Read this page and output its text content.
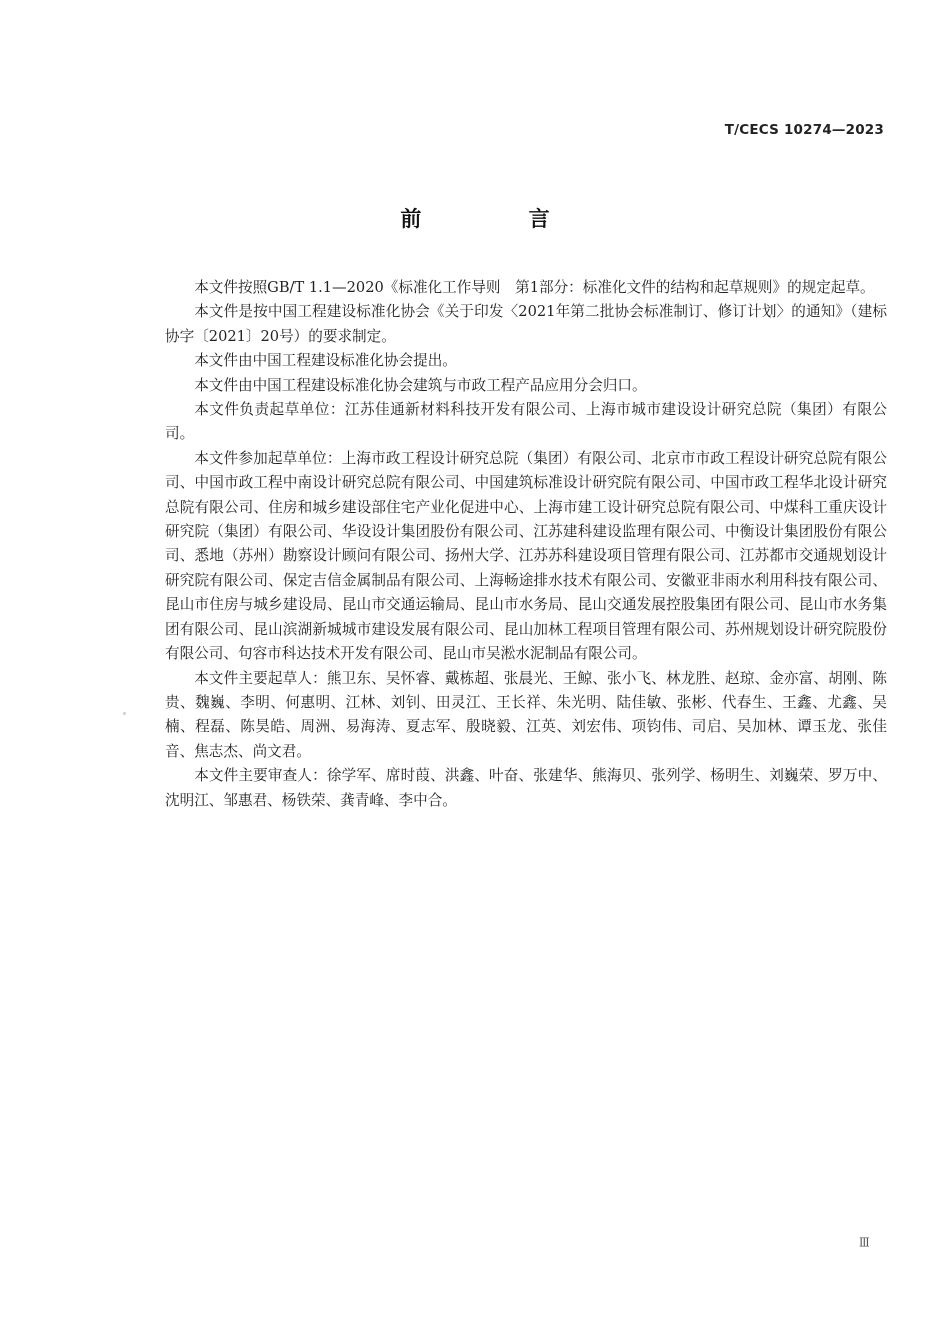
T/CECS 10274—2023
前 言

本文件按照GB/T 1.1—2020《标准化工作导则　第1部分：标准化文件的结构和起草规则》的规定起草。

本文件是按中国工程建设标准化协会《关于印发〈2021年第二批协会标准制订、修订计划〉的通知》（建标协字〔2021〕20号）的要求制定。

本文件由中国工程建设标准化协会提出。

本文件由中国工程建设标准化协会建筑与市政工程产品应用分会归口。

本文件负责起草单位：江苏佳通新材料科技开发有限公司、上海市城市建设设计研究总院（集团）有限公司。

本文件参加起草单位：上海市政工程设计研究总院（集团）有限公司、北京市市政工程设计研究总院有限公司、中国市政工程中南设计研究总院有限公司、中国建筑标准设计研究院有限公司、中国市政工程华北设计研究总院有限公司、住房和城乡建设部住宅产业化促进中心、上海市建工设计研究总院有限公司、中煤科工重庆设计研究院（集团）有限公司、华设设计集团股份有限公司、江苏建科建设监理有限公司、中衡设计集团股份有限公司、悉地（苏州）勘察设计顾问有限公司、扬州大学、江苏苏科建设项目管理有限公司、江苏都市交通规划设计研究院有限公司、保定吉信金属制品有限公司、上海畅途排水技术有限公司、安徽亚非雨水利用科技有限公司、昆山市住房与城乡建设局、昆山市交通运输局、昆山市水务局、昆山交通发展控股集团有限公司、昆山市水务集团有限公司、昆山滨湖新城城市建设发展有限公司、昆山加林工程项目管理有限公司、苏州规划设计研究院股份有限公司、句容市科达技术开发有限公司、昆山市吴淞水泥制品有限公司。

本文件主要起草人：熊卫东、吴怀睿、戴栋超、张晨光、王鲸、张小飞、林龙胜、赵琼、金亦富、胡刚、陈贵、魏巍、李明、何惠明、江林、刘钊、田灵江、王长祥、朱光明、陆佳敏、张彬、代春生、王鑫、尤鑫、吴楠、程磊、陈昊皓、周洲、易海涛、夏志军、殷晓毅、江英、刘宏伟、项钧伟、司启、吴加林、谭玉龙、张佳音、焦志杰、尚文君。

本文件主要审查人：徐学军、席时葭、洪鑫、叶奋、张建华、熊海贝、张列学、杨明生、刘巍荣、罗万中、沈明江、邹惠君、杨铁荣、龚青峰、李中合。

Ⅲ
